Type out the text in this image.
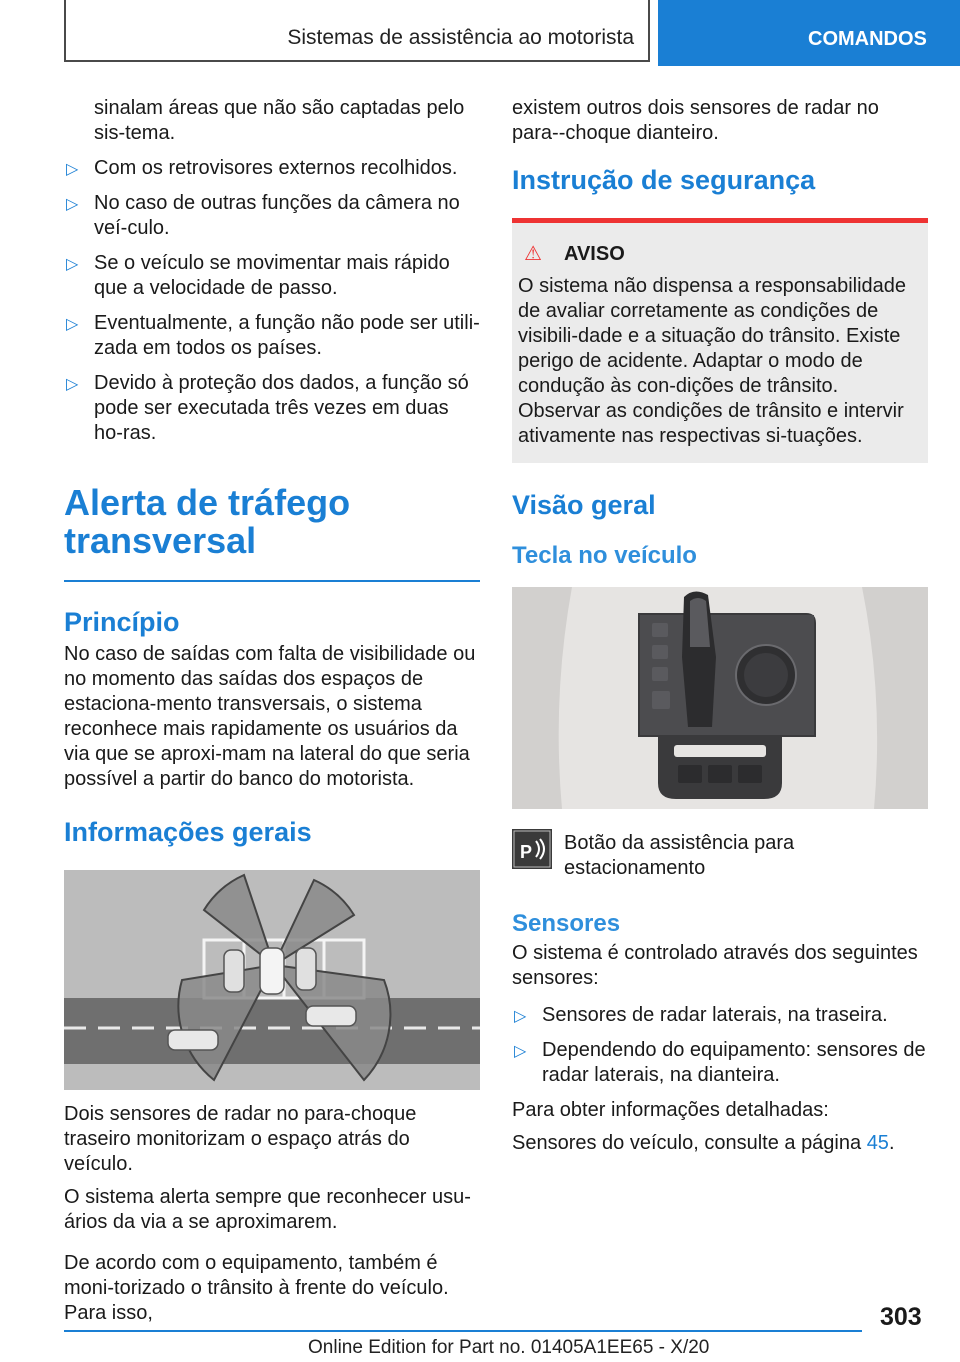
Sistemas de assistência ao motorista	COMANDOS

sinalam áreas que não são captadas pelo sis-tema.

▷ Com os retrovisores externos recolhidos.
▷ No caso de outras funções da câmera no veí-culo.
▷ Se o veículo se movimentar mais rápido que a velocidade de passo.
▷ Eventualmente, a função não pode ser utili-zada em todos os países.
▷ Devido à proteção dos dados, a função só pode ser executada três vezes em duas ho-ras.
Alerta de tráfego transversal
Princípio

No caso de saídas com falta de visibilidade ou no momento das saídas dos espaços de estaciona-mento transversais, o sistema reconhece mais rapidamente os usuários da via que se aproxi-mam na lateral do que seria possível a partir do banco do motorista.

Informações gerais

Dois sensores de radar no para-choque traseiro monitorizam o espaço atrás do veículo.

O sistema alerta sempre que reconhecer usu-ários da via a se aproximarem.

De acordo com o equipamento, também é moni-torizado o trânsito à frente do veículo. Para isso,

existem outros dois sensores de radar no para--choque dianteiro.

Instrução de segurança
⚠ AVISO

O sistema não dispensa a responsabilidade de avaliar corretamente as condições de visibili-dade e a situação do trânsito. Existe perigo de acidente. Adaptar o modo de condução às con-dições de trânsito. Observar as condições de trânsito e intervir ativamente nas respectivas si-tuações.

Visão geral
Tecla no veículo
P	Botão da assistência para estacionamento

Sensores

O sistema é controlado através dos seguintes sensores:

▷ Sensores de radar laterais, na traseira.
▷ Dependendo do equipamento: sensores de radar laterais, na dianteira.

Para obter informações detalhadas:

Sensores do veículo, consulte a página 45.

303
Online Edition for Part no. 01405A1EE65 - X/20
